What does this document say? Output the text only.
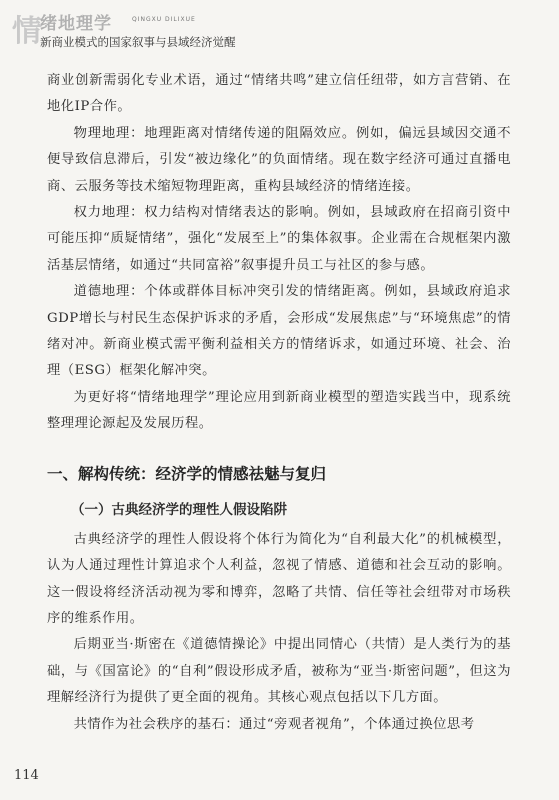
情
绪地理学	QINGXU DILIXUE
新商业模式的国家叙事与县域经济觉醒

商业创新需弱化专业术语，通过“情绪共鸣”建立信任纽带，如方言营销、在地化IP合作。

物理地理：地理距离对情绪传递的阻隔效应。例如，偏远县域因交通不便导致信息滞后，引发“被边缘化”的负面情绪。现在数字经济可通过直播电商、云服务等技术缩短物理距离，重构县域经济的情绪连接。

权力地理：权力结构对情绪表达的影响。例如，县域政府在招商引资中可能压抑“质疑情绪”，强化“发展至上”的集体叙事。企业需在合规框架内激活基层情绪，如通过“共同富裕”叙事提升员工与社区的参与感。

道德地理：个体或群体目标冲突引发的情绪距离。例如，县域政府追求GDP增长与村民生态保护诉求的矛盾，会形成“发展焦虑”与“环境焦虑”的情绪对冲。新商业模式需平衡利益相关方的情绪诉求，如通过环境、社会、治理（ESG）框架化解冲突。

为更好将“情绪地理学”理论应用到新商业模型的塑造实践当中，现系统整理理论源起及发展历程。

一、解构传统：经济学的情感祛魅与复归
（一）古典经济学的理性人假设陷阱

古典经济学的理性人假设将个体行为简化为“自利最大化”的机械模型，认为人通过理性计算追求个人利益，忽视了情感、道德和社会互动的影响。这一假设将经济活动视为零和博弈，忽略了共情、信任等社会纽带对市场秩序的维系作用。

后期亚当·斯密在《道德情操论》中提出同情心（共情）是人类行为的基础，与《国富论》的“自利”假设形成矛盾，被称为“亚当·斯密问题”，但这为理解经济行为提供了更全面的视角。其核心观点包括以下几方面。

共情作为社会秩序的基石：通过“旁观者视角”，个体通过换位思考

114
